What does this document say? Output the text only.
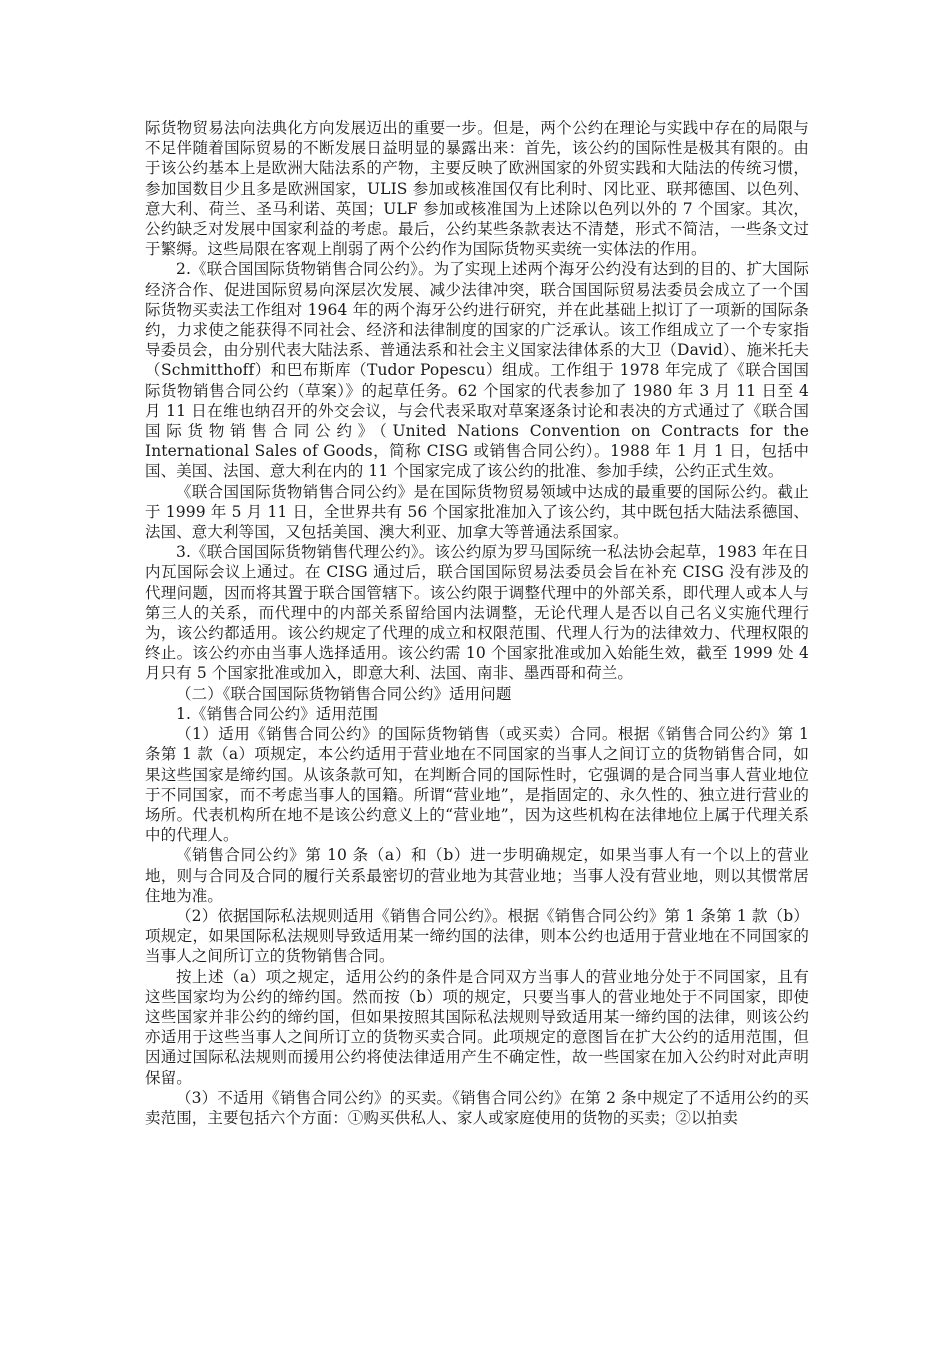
际货物贸易法向法典化方向发展迈出的重要一步。但是，两个公约在理论与实践中存在的局限与不足伴随着国际贸易的不断发展日益明显的暴露出来：首先，该公约的国际性是极其有限的。由于该公约基本上是欧洲大陆法系的产物，主要反映了欧洲国家的外贸实践和大陆法的传统习惯，参加国数目少且多是欧洲国家，ULIS 参加或核准国仅有比利时、冈比亚、联邦德国、以色列、意大利、荷兰、圣马利诺、英国；ULF 参加或核准国为上述除以色列以外的 7 个国家。其次，公约缺乏对发展中国家利益的考虑。最后，公约某些条款表达不清楚，形式不简洁，一些条文过于繁缛。这些局限在客观上削弱了两个公约作为国际货物买卖统一实体法的作用。

2.《联合国国际货物销售合同公约》。为了实现上述两个海牙公约没有达到的目的、扩大国际经济合作、促进国际贸易向深层次发展、减少法律冲突，联合国国际贸易法委员会成立了一个国际货物买卖法工作组对 1964 年的两个海牙公约进行研究，并在此基础上拟订了一项新的国际条约，力求使之能获得不同社会、经济和法律制度的国家的广泛承认。该工作组成立了一个专家指导委员会，由分别代表大陆法系、普通法系和社会主义国家法律体系的大卫（David）、施米托夫（Schmitthoff）和巴布斯库（Tudor Popescu）组成。工作组于 1978 年完成了《联合国国际货物销售合同公约（草案）》的起草任务。62 个国家的代表参加了 1980 年 3 月 11 日至 4 月 11 日在维也纳召开的外交会议，与会代表采取对草案逐条讨论和表决的方式通过了《联合国国际货物销售合同公约》（United Nations Convention on Contracts for the International Sales of Goods，简称 CISG 或销售合同公约）。1988 年 1 月 1 日，包括中国、美国、法国、意大利在内的 11 个国家完成了该公约的批准、参加手续，公约正式生效。

《联合国国际货物销售合同公约》是在国际货物贸易领域中达成的最重要的国际公约。截止于 1999 年 5 月 11 日，全世界共有 56 个国家批准加入了该公约，其中既包括大陆法系德国、法国、意大利等国，又包括美国、澳大利亚、加拿大等普通法系国家。

3.《联合国国际货物销售代理公约》。该公约原为罗马国际统一私法协会起草，1983 年在日内瓦国际会议上通过。在 CISG 通过后，联合国国际贸易法委员会旨在补充 CISG 没有涉及的代理问题，因而将其置于联合国管辖下。该公约限于调整代理中的外部关系，即代理人或本人与第三人的关系，而代理中的内部关系留给国内法调整，无论代理人是否以自己名义实施代理行为，该公约都适用。该公约规定了代理的成立和权限范围、代理人行为的法律效力、代理权限的终止。该公约亦由当事人选择适用。该公约需 10 个国家批准或加入始能生效，截至 1999 处 4 月只有 5 个国家批准或加入，即意大利、法国、南非、墨西哥和荷兰。

（二）《联合国国际货物销售合同公约》适用问题

1.《销售合同公约》适用范围

（1）适用《销售合同公约》的国际货物销售（或买卖）合同。根据《销售合同公约》第 1 条第 1 款（a）项规定，本公约适用于营业地在不同国家的当事人之间订立的货物销售合同，如果这些国家是缔约国。从该条款可知，在判断合同的国际性时，它强调的是合同当事人营业地位于不同国家，而不考虑当事人的国籍。所谓“营业地”，是指固定的、永久性的、独立进行营业的场所。代表机构所在地不是该公约意义上的“营业地”，因为这些机构在法律地位上属于代理关系中的代理人。

《销售合同公约》第 10 条（a）和（b）进一步明确规定，如果当事人有一个以上的营业地，则与合同及合同的履行关系最密切的营业地为其营业地；当事人没有营业地，则以其惯常居住地为准。

（2）依据国际私法规则适用《销售合同公约》。根据《销售合同公约》第 1 条第 1 款（b）项规定，如果国际私法规则导致适用某一缔约国的法律，则本公约也适用于营业地在不同国家的当事人之间所订立的货物销售合同。

按上述（a）项之规定，适用公约的条件是合同双方当事人的营业地分处于不同国家，且有这些国家均为公约的缔约国。然而按（b）项的规定，只要当事人的营业地处于不同国家，即使这些国家并非公约的缔约国，但如果按照其国际私法规则导致适用某一缔约国的法律，则该公约亦适用于这些当事人之间所订立的货物买卖合同。此项规定的意图旨在扩大公约的适用范围，但因通过国际私法规则而援用公约将使法律适用产生不确定性，故一些国家在加入公约时对此声明保留。

（3）不适用《销售合同公约》的买卖。《销售合同公约》在第 2 条中规定了不适用公约的买卖范围，主要包括六个方面：①购买供私人、家人或家庭使用的货物的买卖；②以拍卖
